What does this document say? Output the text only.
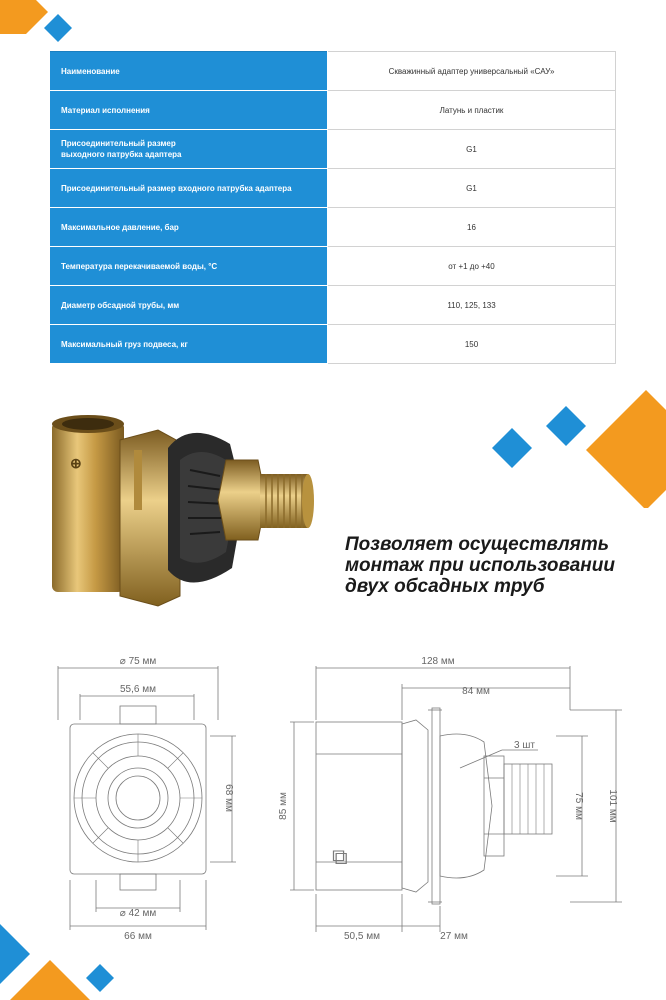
Наименование	Скважинный адаптер универсальный «САУ»
Материал исполнения	Латунь и пластик
Присоединительный размер
выходного патрубка адаптера	G1
Присоединительный размер входного патрубка адаптера	G1
Максимальное давление, бар	16
Температура перекачиваемой воды, °С	от +1 до +40
Диаметр обсадной трубы, мм	110, 125, 133
Максимальный груз подвеса, кг	150
⊕
Позволяет осуществлять
монтаж при использовании
двух обсадных труб
⌀ 75 мм
55,6 мм
68 мм
⌀ 42 мм
66 мм
128 мм
84 мм
⧉
3 шт
85 мм	75 мм 101 мм
50,5 мм	27 мм
